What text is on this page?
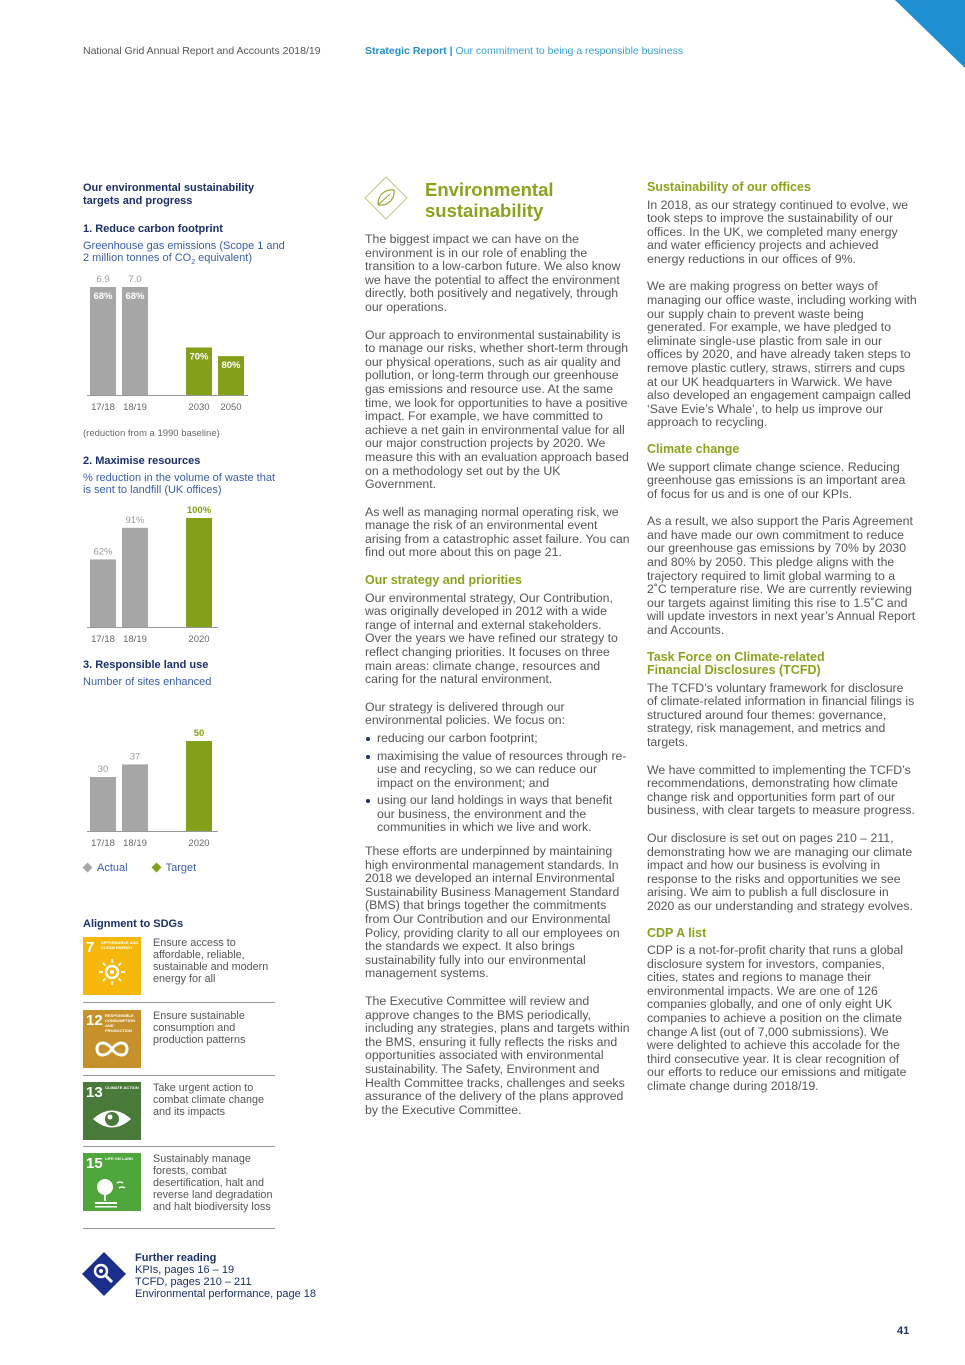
National Grid Annual Report and Accounts 2018/19	Strategic Report | Our commitment to being a responsible business
Our environmental sustainability targets and progress
1. Reduce carbon footprint
Greenhouse gas emissions (Scope 1 and 2 million tonnes of $CO_2$ equivalent)
68%
6.9
17/18
68%
7.0
18/19
70%
2030
80%
2050
(reduction from a 1990 baseline)
2. Maximise resources
% reduction in the volume of waste that is sent to landfill (UK offices)
62%
17/18
91%
18/19
100%
2020
3. Responsible land use
Number of sites enhanced
30
17/18
37
18/19
50
2020
Actual	Target
Alignment to SDGs
7 AFFORDABLE AND CLEAN ENERGY	Ensure access to affordable, reliable, sustainable and modern energy for all
12 RESPONSIBLE CONSUMPTION AND PRODUCTION
Ensure sustainable consumption and production patterns
13 CLIMATE ACTION Take urgent action to combat climate change and its impacts
15 LIFE ON LAND	Sustainably manage forests, combat desertification, halt and reverse land degradation and halt biodiversity loss
Further reading
KPIs, pages 16 – 19
TCFD, pages 210 – 211
Environmental performance, page 18
Environmental
sustainability

The biggest impact we can have on the environment is in our role of enabling the transition to a low-carbon future. We also know we have the potential to affect the environment directly, both positively and negatively, through our operations.

Our approach to environmental sustainability is to manage our risks, whether short-term through our physical operations, such as air quality and pollution, or long-term through our greenhouse gas emissions and resource use. At the same time, we look for opportunities to have a positive impact. For example, we have committed to achieve a net gain in environmental value for all our major construction projects by 2020. We measure this with an evaluation approach based on a methodology set out by the UK Government.

As well as managing normal operating risk, we manage the risk of an environmental event arising from a catastrophic asset failure. You can find out more about this on page 21.

Our strategy and priorities

Our environmental strategy, Our Contribution, was originally developed in 2012 with a wide range of internal and external stakeholders. Over the years we have refined our strategy to reflect changing priorities. It focuses on three main areas: climate change, resources and caring for the natural environment.

Our strategy is delivered through our environmental policies. We focus on:

reducing our carbon footprint;
maximising the value of resources through re-use and recycling, so we can reduce our impact on the environment; and
using our land holdings in ways that benefit our business, the environment and the communities in which we live and work.

These efforts are underpinned by maintaining high environmental management standards. In 2018 we developed an internal Environmental Sustainability Business Management Standard (BMS) that brings together the commitments from Our Contribution and our Environmental Policy, providing clarity to all our employees on the standards we expect. It also brings sustainability fully into our environmental management systems.

The Executive Committee will review and approve changes to the BMS periodically, including any strategies, plans and targets within the BMS, ensuring it fully reflects the risks and opportunities associated with environmental sustainability. The Safety, Environment and Health Committee tracks, challenges and seeks assurance of the delivery of the plans approved by the Executive Committee.

Sustainability of our offices

In 2018, as our strategy continued to evolve, we took steps to improve the sustainability of our offices. In the UK, we completed many energy and water efficiency projects and achieved energy reductions in our offices of 9%.

We are making progress on better ways of managing our office waste, including working with our supply chain to prevent waste being generated. For example, we have pledged to eliminate single-use plastic from sale in our offices by 2020, and have already taken steps to remove plastic cutlery, straws, stirrers and cups at our UK headquarters in Warwick. We have also developed an engagement campaign called ‘Save Evie’s Whale’, to help us improve our approach to recycling.

Climate change

We support climate change science. Reducing greenhouse gas emissions is an important area of focus for us and is one of our KPIs.

As a result, we also support the Paris Agreement and have made our own commitment to reduce our greenhouse gas emissions by 70% by 2030 and 80% by 2050. This pledge aligns with the trajectory required to limit global warming to a 2˚C temperature rise. We are currently reviewing our targets against limiting this rise to 1.5˚C and will update investors in next year’s Annual Report and Accounts.

Task Force on Climate-related Financial Disclosures (TCFD)

The TCFD’s voluntary framework for disclosure of climate-related information in financial filings is structured around four themes: governance, strategy, risk management, and metrics and targets.

We have committed to implementing the TCFD’s recommendations, demonstrating how climate change risk and opportunities form part of our business, with clear targets to measure progress.

Our disclosure is set out on pages 210 – 211, demonstrating how we are managing our climate impact and how our business is evolving in response to the risks and opportunities we see arising. We aim to publish a full disclosure in 2020 as our understanding and strategy evolves.

CDP A list

CDP is a not-for-profit charity that runs a global disclosure system for investors, companies, cities, states and regions to manage their environmental impacts. We are one of 126 companies globally, and one of only eight UK companies to achieve a position on the climate change A list (out of 7,000 submissions). We were delighted to achieve this accolade for the third consecutive year. It is clear recognition of our efforts to reduce our emissions and mitigate climate change during 2018/19.

41
